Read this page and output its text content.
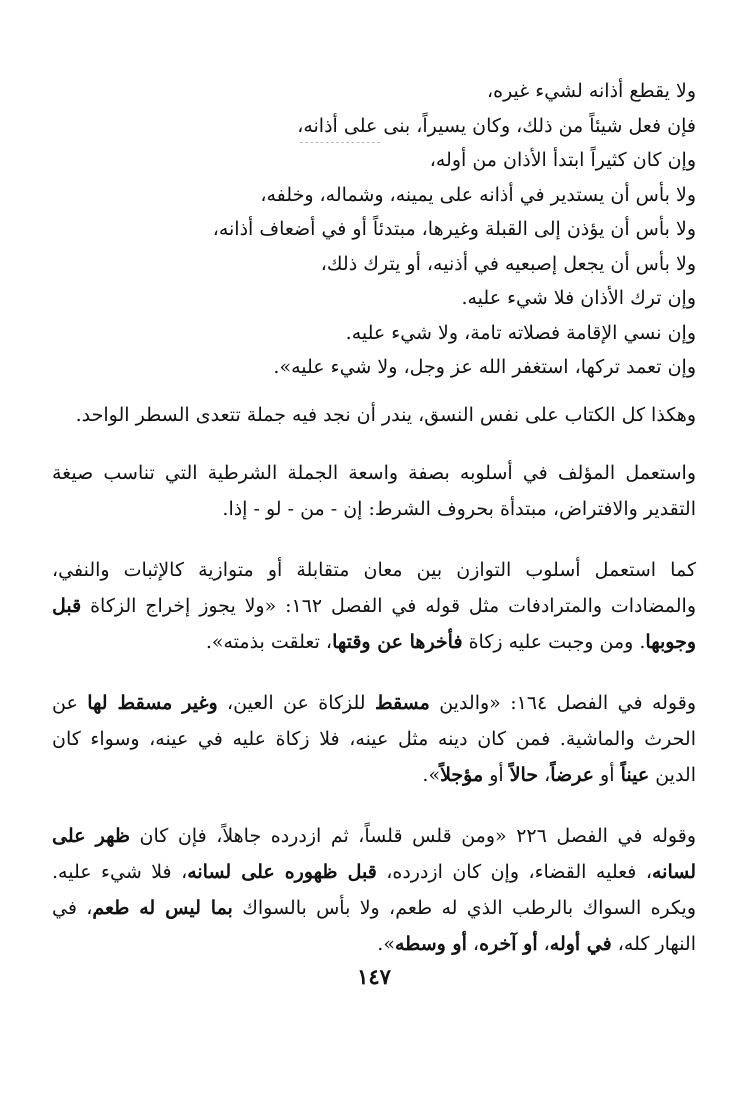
ولا يقطع أذانه لشيء غيره،
فإن فعل شيئاً من ذلك، وكان يسيراً، بنى على أذانه،
وإن كان كثيراً ابتدأ الأذان من أوله،
ولا بأس أن يستدير في أذانه على يمينه، وشماله، وخلفه،
ولا بأس أن يؤذن إلى القبلة وغيرها، مبتدئاً أو في أضعاف أذانه،
ولا بأس أن يجعل إصبعيه في أذنيه، أو يترك ذلك،
وإن ترك الأذان فلا شيء عليه.
وإن نسي الإقامة فصلاته تامة، ولا شيء عليه.
وإن تعمد تركها، استغفر الله عز وجل، ولا شيء عليه».

وهكذا كل الكتاب على نفس النسق، يندر أن نجد فيه جملة تتعدى السطر الواحد.

واستعمل المؤلف في أسلوبه بصفة واسعة الجملة الشرطية التي تناسب صيغة التقدير والافتراض، مبتدأة بحروف الشرط: إن - من - لو - إذا.

كما استعمل أسلوب التوازن بين معان متقابلة أو متوازية كالإثبات والنفي، والمضادات والمترادفات مثل قوله في الفصل ١٦٢: «ولا يجوز إخراج الزكاة قبل وجوبها. ومن وجبت عليه زكاة فأخرها عن وقتها، تعلقت بذمته».

وقوله في الفصل ١٦٤: «والدين مسقط للزكاة عن العين، وغير مسقط لها عن الحرث والماشية. فمن كان دينه مثل عينه، فلا زكاة عليه في عينه، وسواء كان الدين عيناً أو عرضاً، حالاً أو مؤجلاً».

وقوله في الفصل ٢٢٦ «ومن قلس قلساً، ثم ازدرده جاهلاً، فإن كان ظهر على لسانه، فعليه القضاء، وإن كان ازدرده، قبل ظهوره على لسانه، فلا شيء عليه. ويكره السواك بالرطب الذي له طعم، ولا بأس بالسواك بما ليس له طعم، في النهار كله، في أوله، أو آخره، أو وسطه».

١٤٧
